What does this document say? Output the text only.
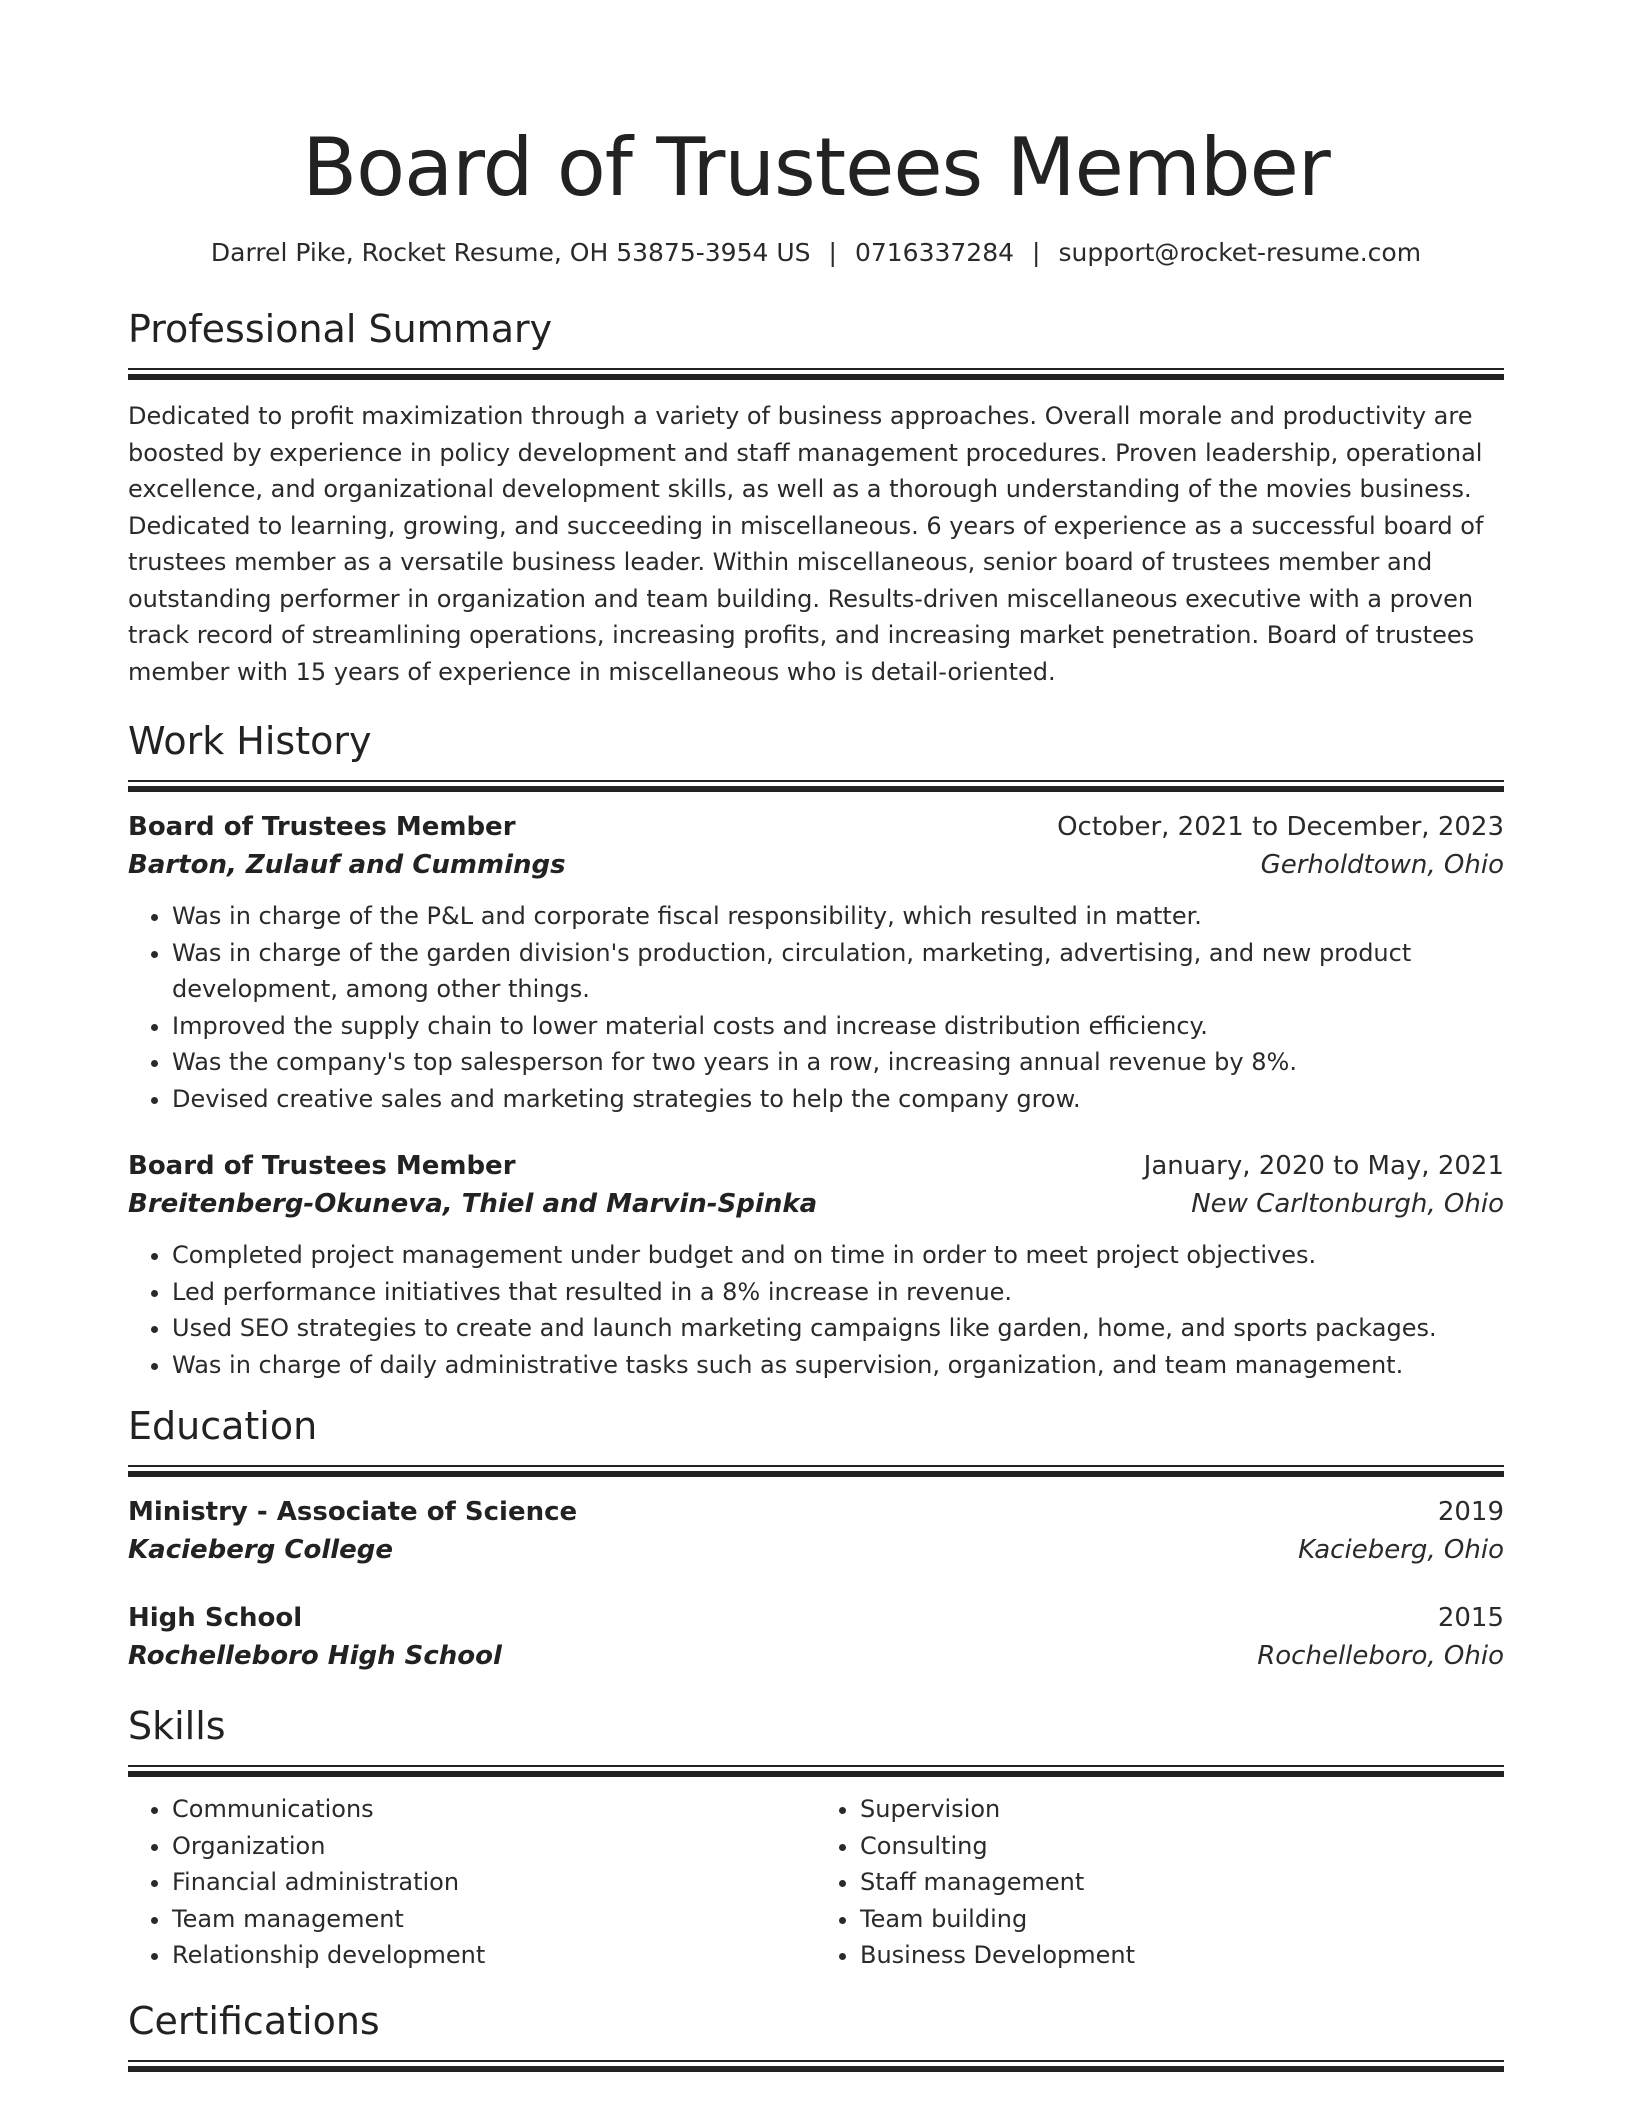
Board of Trustees Member
Darrel Pike, Rocket Resume, OH 53875-3954 US | 0716337284 | support@rocket-resume.com
Professional Summary

Dedicated to profit maximization through a variety of business approaches. Overall morale and productivity are boosted by experience in policy development and staff management procedures. Proven leadership, operational excellence, and organizational development skills, as well as a thorough understanding of the movies business. Dedicated to learning, growing, and succeeding in miscellaneous. 6 years of experience as a successful board of trustees member as a versatile business leader. Within miscellaneous, senior board of trustees member and outstanding performer in organization and team building. Results-driven miscellaneous executive with a proven track record of streamlining operations, increasing profits, and increasing market penetration. Board of trustees member with 15 years of experience in miscellaneous who is detail-oriented.

Work History
Board of Trustees Member	October, 2021 to December, 2023
Barton, Zulauf and Cummings	Gerholdtown, Ohio
• Was in charge of the P&L and corporate fiscal responsibility, which resulted in matter.
• Was in charge of the garden division's production, circulation, marketing, advertising, and new product development, among other things.
• Improved the supply chain to lower material costs and increase distribution efficiency.
• Was the company's top salesperson for two years in a row, increasing annual revenue by 8%.
• Devised creative sales and marketing strategies to help the company grow.
Board of Trustees Member	January, 2020 to May, 2021
Breitenberg-Okuneva, Thiel and Marvin-Spinka	New Carltonburgh, Ohio
• Completed project management under budget and on time in order to meet project objectives.
• Led performance initiatives that resulted in a 8% increase in revenue.
• Used SEO strategies to create and launch marketing campaigns like garden, home, and sports packages.
• Was in charge of daily administrative tasks such as supervision, organization, and team management.
Education
Ministry - Associate of Science	2019
Kacieberg College	Kacieberg, Ohio
High School	2015
Rochelleboro High School	Rochelleboro, Ohio
Skills
• Communications
• Organization
• Financial administration
• Team management
• Relationship development
• Supervision
• Consulting
• Staff management
• Team building
• Business Development
Certifications
